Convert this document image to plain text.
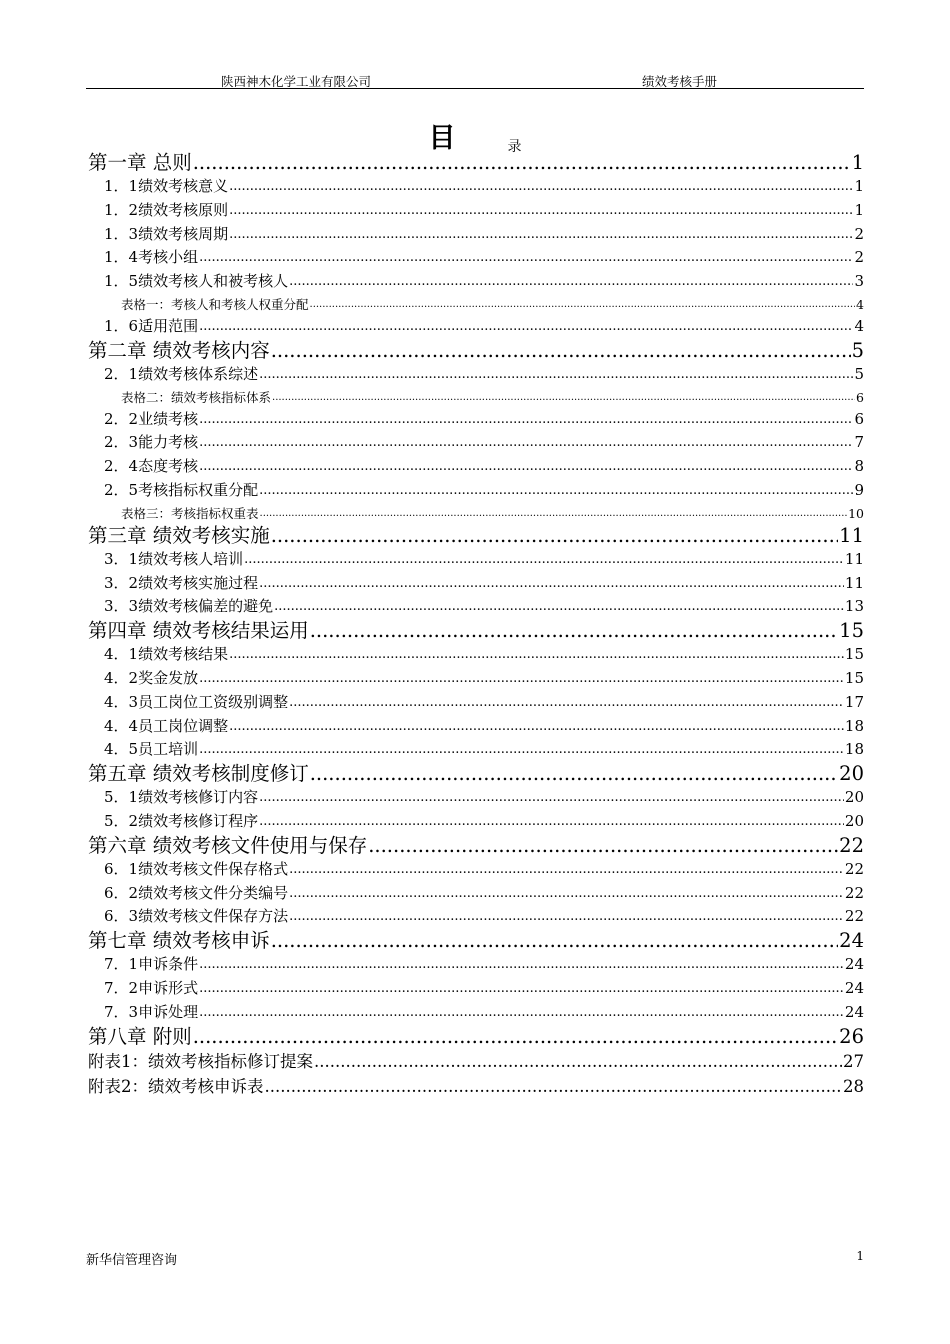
陕西神木化学工业有限公司	绩效考核手册
目	录
第一章 总则 .....	1
1．1绩效考核意义 .....	1
1．2绩效考核原则 .....	1
1．3绩效考核周期 .....	2
1．4考核小组 .....	2
1．5绩效考核人和被考核人 .....	3
表格一：考核人和考核人权重分配 .....	4
1．6适用范围 .....	4
第二章 绩效考核内容 .....	5
2．1绩效考核体系综述 .....	5
表格二：绩效考核指标体系 .....	6
2．2业绩考核 .....	6
2．3能力考核 .....	7
2．4态度考核 .....	8
2．5考核指标权重分配 .....	9
表格三：考核指标权重表 .....	10
第三章 绩效考核实施 .....	11
3．1绩效考核人培训 .....	11
3．2绩效考核实施过程 .....	11
3．3绩效考核偏差的避免 .....	13
第四章 绩效考核结果运用 .....	15
4．1绩效考核结果 .....	15
4．2奖金发放 .....	15
4．3员工岗位工资级别调整 .....	17
4．4员工岗位调整 .....	18
4．5员工培训 .....	18
第五章 绩效考核制度修订 .....	20
5．1绩效考核修订内容 .....	20
5．2绩效考核修订程序 .....	20
第六章 绩效考核文件使用与保存 .....	22
6．1绩效考核文件保存格式 .....	22
6．2绩效考核文件分类编号 .....	22
6．3绩效考核文件保存方法 .....	22
第七章 绩效考核申诉 .....	24
7．1申诉条件 .....	24
7．2申诉形式 .....	24
7．3申诉处理 .....	24
第八章 附则 .....	26
附表1：绩效考核指标修订提案 .....	27
附表2：绩效考核申诉表 .....	28
新华信管理咨询	1
